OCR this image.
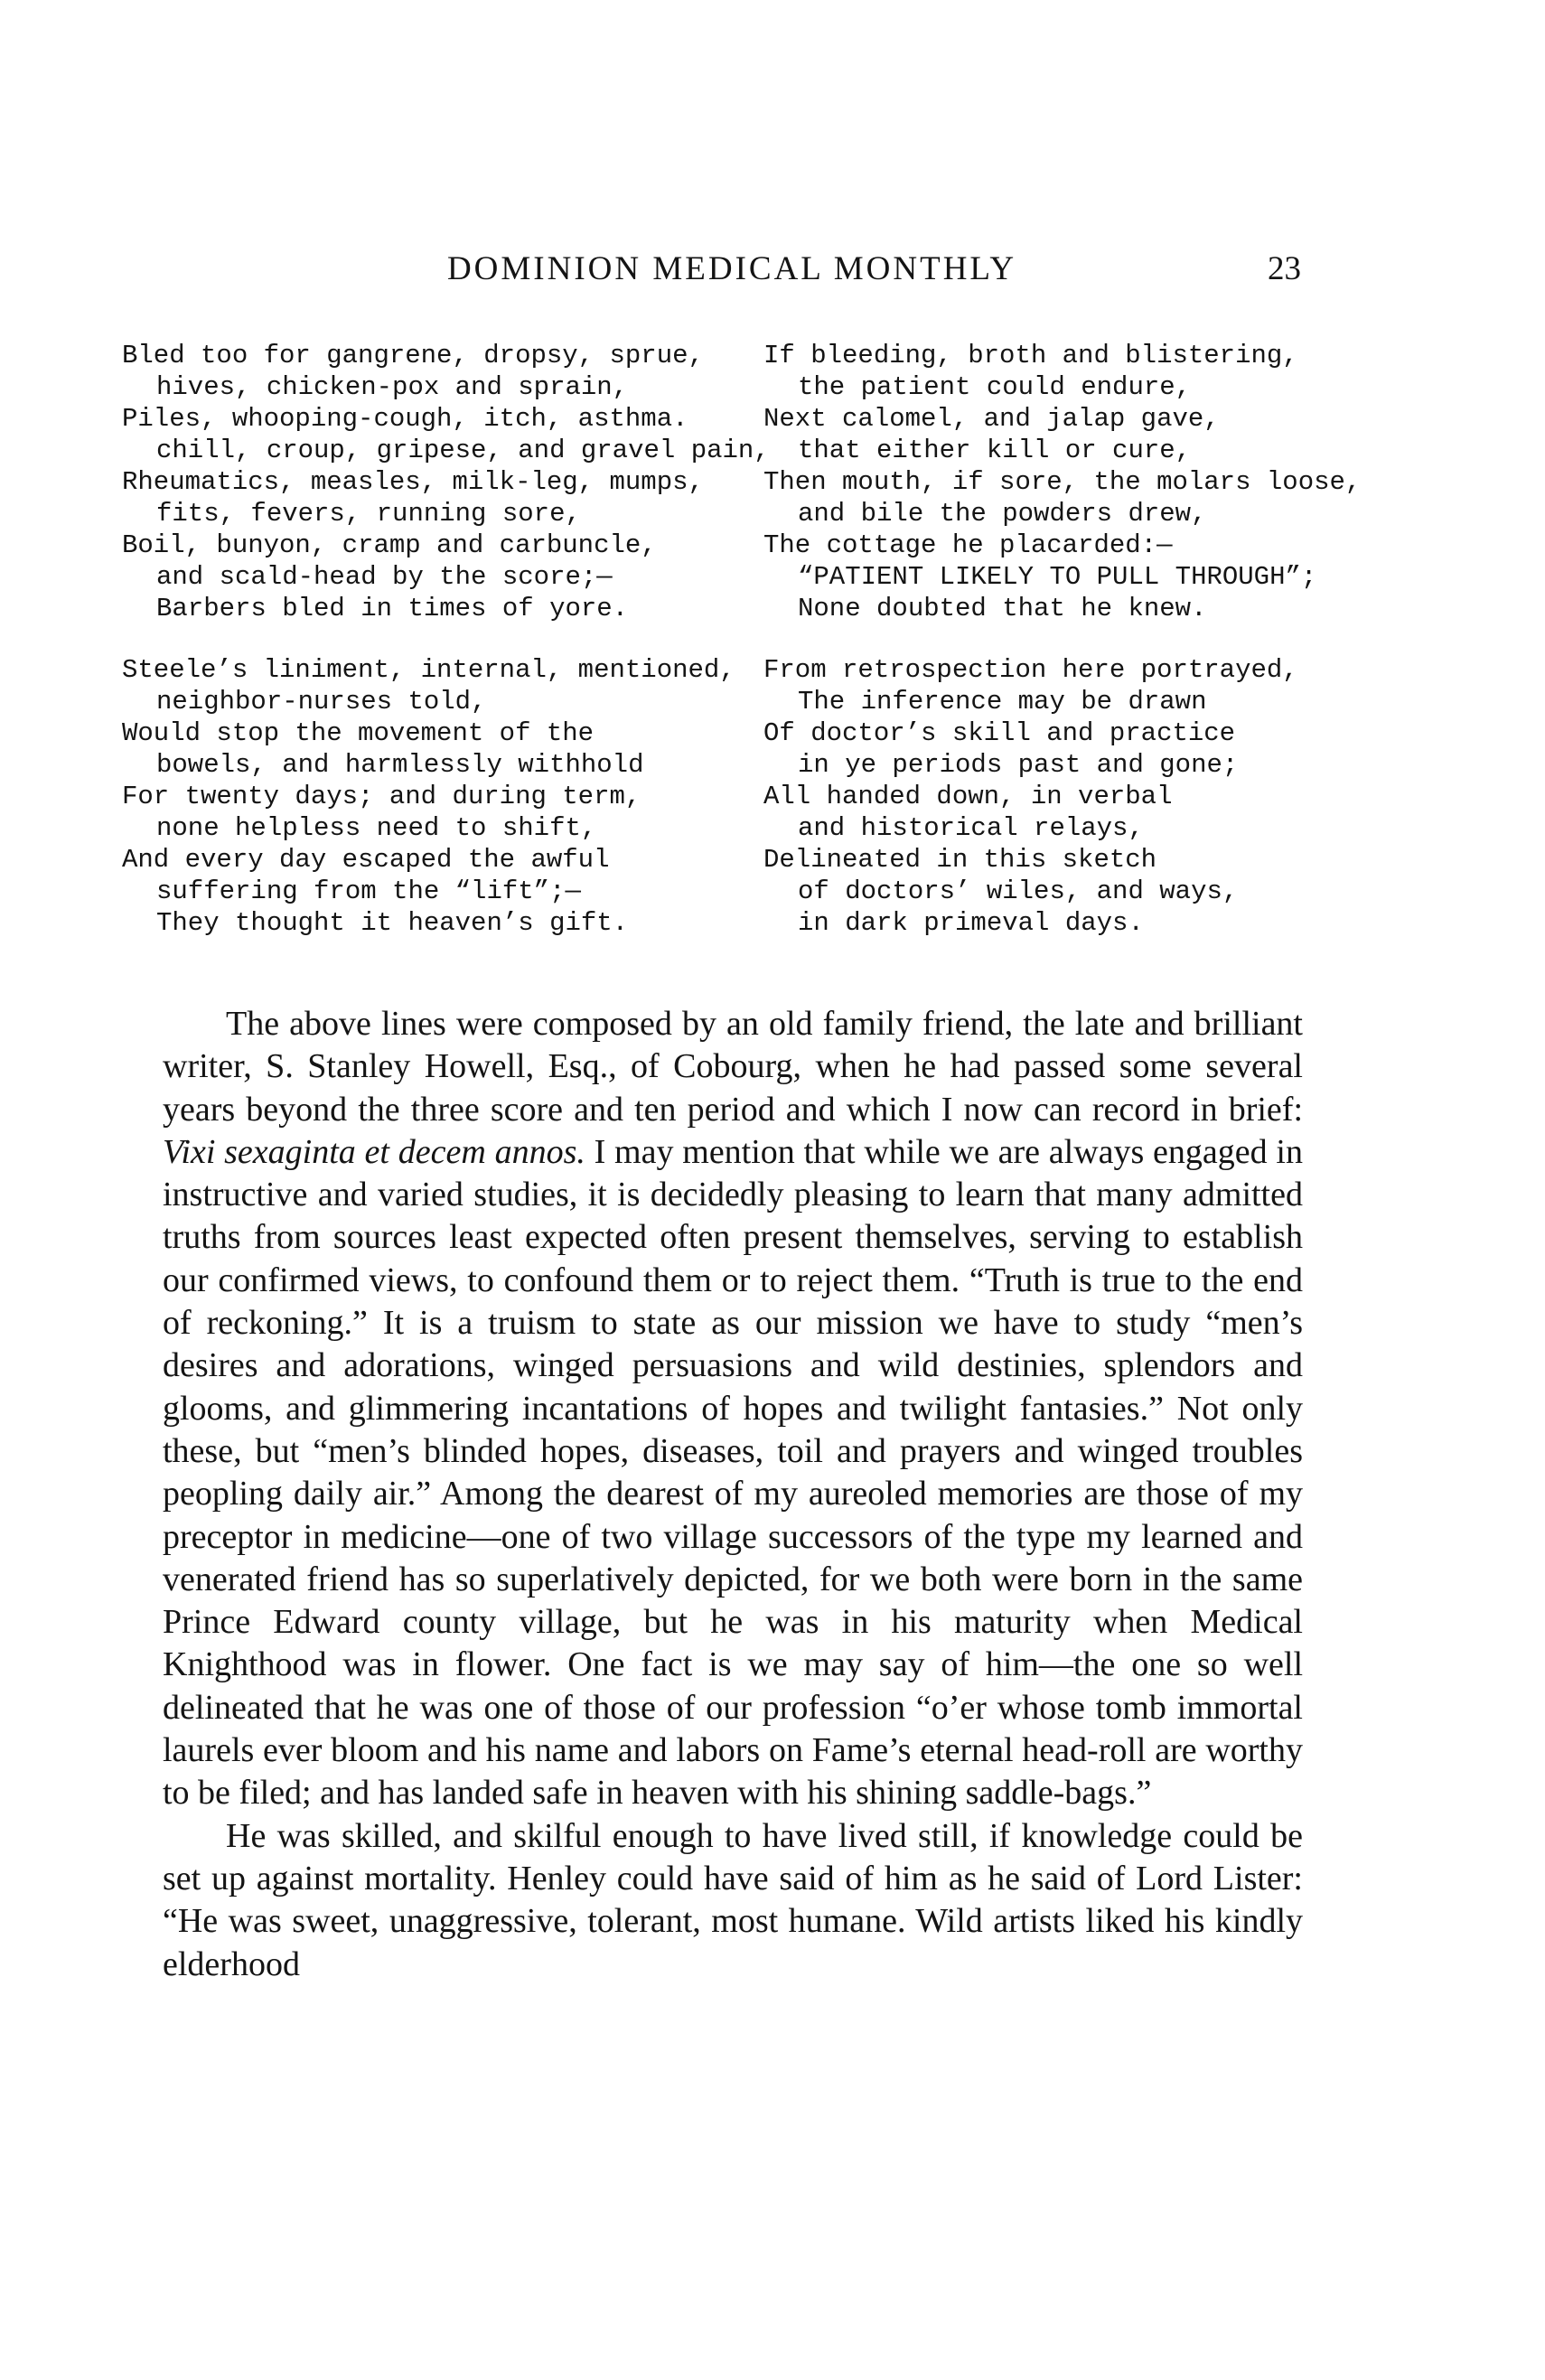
DOMINION MEDICAL MONTHLY	23
Bled too for gangrene, dropsy, sprue,
hives, chicken-pox and sprain,
Piles, whooping-cough, itch, asthma.
chill, croup, gripese, and gravel pain,
Rheumatics, measles, milk-leg, mumps,
fits, fevers, running sore,
Boil, bunyon, cramp and carbuncle,
and scald-head by the score;—
Barbers bled in times of yore.
If bleeding, broth and blistering,
the patient could endure,
Next calomel, and jalap gave,
that either kill or cure,
Then mouth, if sore, the molars loose,
and bile the powders drew,
The cottage he placarded:—
“PATIENT LIKELY TO PULL THROUGH”;
None doubted that he knew.
Steele’s liniment, internal, mentioned,
neighbor-nurses told,
Would stop the movement of the
bowels, and harmlessly withhold
For twenty days; and during term,
none helpless need to shift,
And every day escaped the awful
suffering from the “lift”;—
They thought it heaven’s gift.
From retrospection here portrayed,
The inference may be drawn
Of doctor’s skill and practice
in ye periods past and gone;
All handed down, in verbal
and historical relays,
Delineated in this sketch
of doctors’ wiles, and ways,
in dark primeval days.

The above lines were composed by an old family friend, the late and brilliant writer, S. Stanley Howell, Esq., of Cobourg, when he had passed some several years beyond the three score and ten period and which I now can record in brief: Vixi sexaginta et decem annos. I may mention that while we are always engaged in instructive and varied studies, it is decidedly pleasing to learn that many admitted truths from sources least expected often present themselves, serving to establish our confirmed views, to confound them or to reject them. “Truth is true to the end of reckoning.” It is a truism to state as our mission we have to study “men’s desires and adorations, winged persuasions and wild destinies, splendors and glooms, and glimmering incantations of hopes and twilight fantasies.” Not only these, but “men’s blinded hopes, diseases, toil and prayers and winged troubles peopling daily air.” Among the dearest of my aureoled memories are those of my preceptor in medicine—one of two village successors of the type my learned and venerated friend has so superlatively depicted, for we both were born in the same Prince Edward county village, but he was in his maturity when Medical Knighthood was in flower. One fact is we may say of him—the one so well delineated that he was one of those of our profession “o’er whose tomb immortal laurels ever bloom and his name and labors on Fame’s eternal head-roll are worthy to be filed; and has landed safe in heaven with his shining saddle-bags.”

He was skilled, and skilful enough to have lived still, if knowledge could be set up against mortality. Henley could have said of him as he said of Lord Lister: “He was sweet, unaggressive, tolerant, most humane. Wild artists liked his kindly elderhood
